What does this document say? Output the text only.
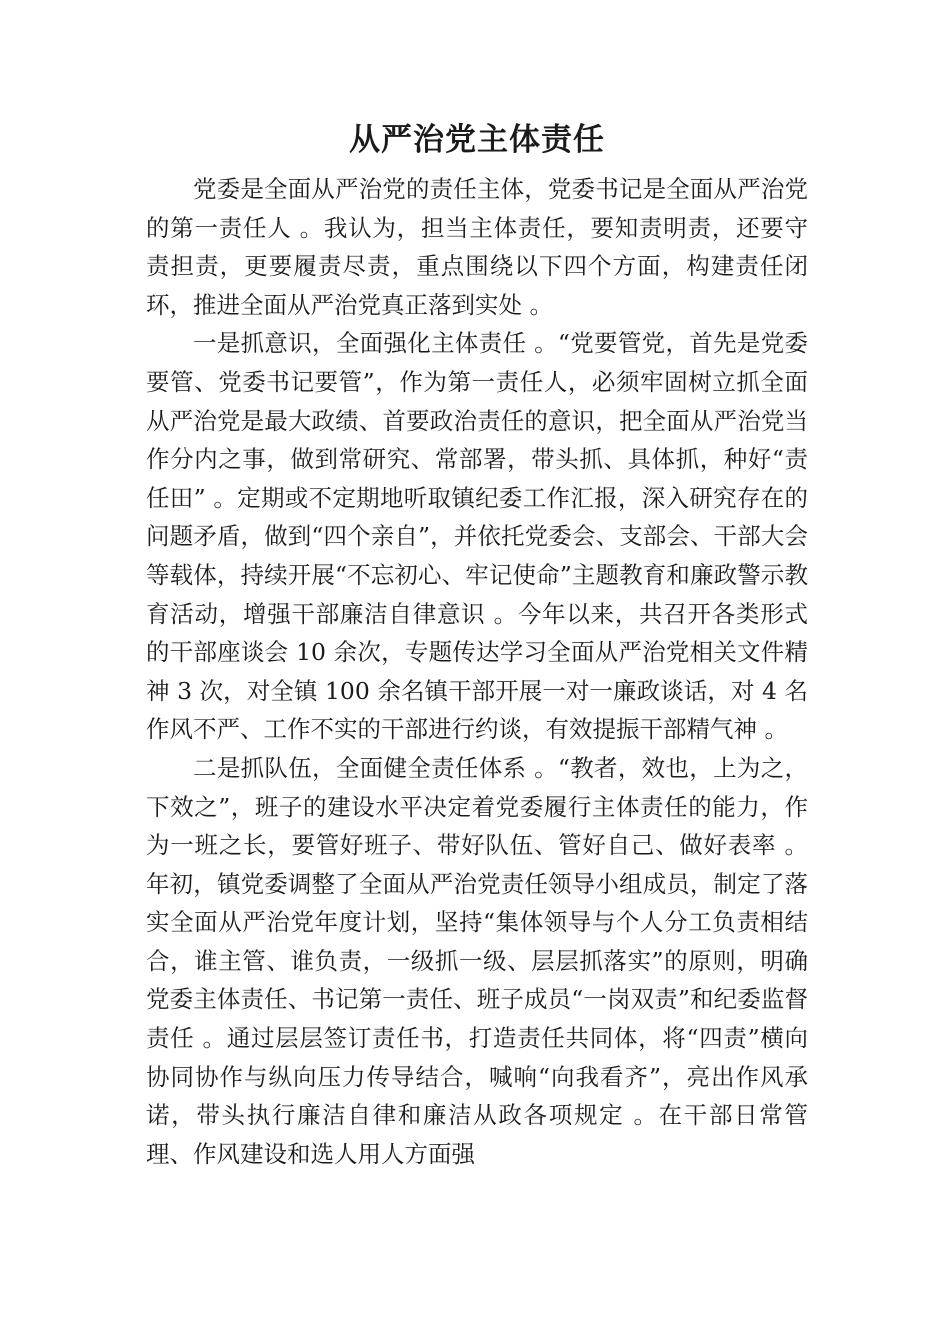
从严治党主体责任

党委是全面从严治党的责任主体，党委书记是全面从严治党的第一责任人 。我认为，担当主体责任，要知责明责，还要守责担责，更要履责尽责，重点围绕以下四个方面，构建责任闭环，推进全面从严治党真正落到实处 。

一是抓意识，全面强化主体责任 。“党要管党，首先是党委要管、党委书记要管”，作为第一责任人，必须牢固树立抓全面从严治党是最大政绩、首要政治责任的意识，把全面从严治党当作分内之事，做到常研究、常部署，带头抓、具体抓，种好“责任田” 。定期或不定期地听取镇纪委工作汇报，深入研究存在的问题矛盾，做到“四个亲自”，并依托党委会、支部会、干部大会等载体，持续开展“不忘初心、牢记使命”主题教育和廉政警示教育活动，增强干部廉洁自律意识 。今年以来，共召开各类形式的干部座谈会 10 余次，专题传达学习全面从严治党相关文件精神 3 次，对全镇 100 余名镇干部开展一对一廉政谈话，对 4 名作风不严、工作不实的干部进行约谈，有效提振干部精气神 。

二是抓队伍，全面健全责任体系 。“教者，效也，上为之，下效之”，班子的建设水平决定着党委履行主体责任的能力，作为一班之长，要管好班子、带好队伍、管好自己、做好表率 。年初，镇党委调整了全面从严治党责任领导小组成员，制定了落实全面从严治党年度计划，坚持“集体领导与个人分工负责相结合，谁主管、谁负责，一级抓一级、层层抓落实”的原则，明确党委主体责任、书记第一责任、班子成员“一岗双责”和纪委监督责任 。通过层层签订责任书，打造责任共同体，将“四责”横向协同协作与纵向压力传导结合，喊响“向我看齐”，亮出作风承诺，带头执行廉洁自律和廉洁从政各项规定 。在干部日常管理、作风建设和选人用人方面强
